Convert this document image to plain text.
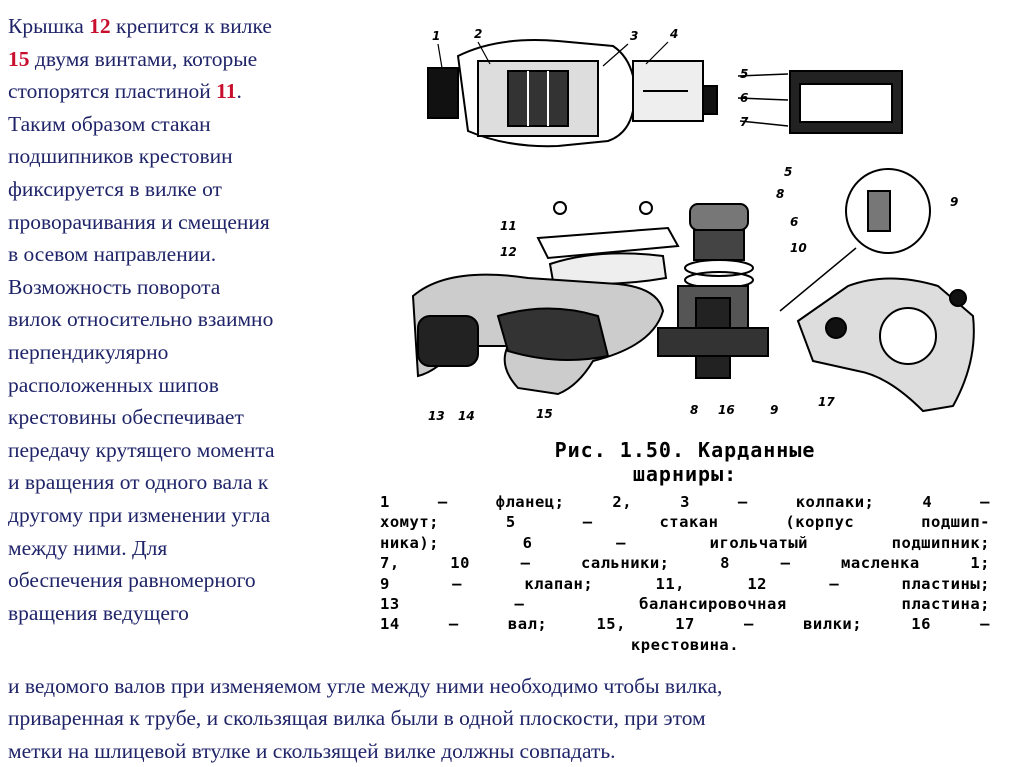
Крышка 12 крепится к вилке
15 двумя винтами, которые
стопорятся пластиной 11.
Таким образом стакан
подшипников крестовин
фиксируется в вилке от
проворачивания и смещения
в осевом направлении.
Возможность поворота
вилок относительно взаимно
перпендикулярно
расположенных шипов
крестовины обеспечивает
передачу крутящего момента
и вращения от одного вала к
другому при изменении угла
между ними. Для
обеспечения равномерного
вращения ведущего
1	2	3	4
5
6
7
5
8
9
6
10
11
12
13 14	15	8 16	9
17
Рис. 1.50. Карданные
шарниры:
1 — фланец; 2, 3 — колпаки; 4 —
хомут; 5 — стакан (корпус подшип-
ника); 6 — игольчатый подшипник;
7, 10 — сальники; 8 — масленка 1;
9 — клапан; 11, 12 — пластины;
13 — балансировочная пластина;
14 — вал; 15, 17 — вилки; 16 —
крестовина.
и ведомого валов при изменяемом угле между ними необходимо чтобы вилка,
приваренная к трубе, и скользящая вилка были в одной плоскости, при этом
метки на шлицевой втулке и скользящей вилке должны совпадать.
